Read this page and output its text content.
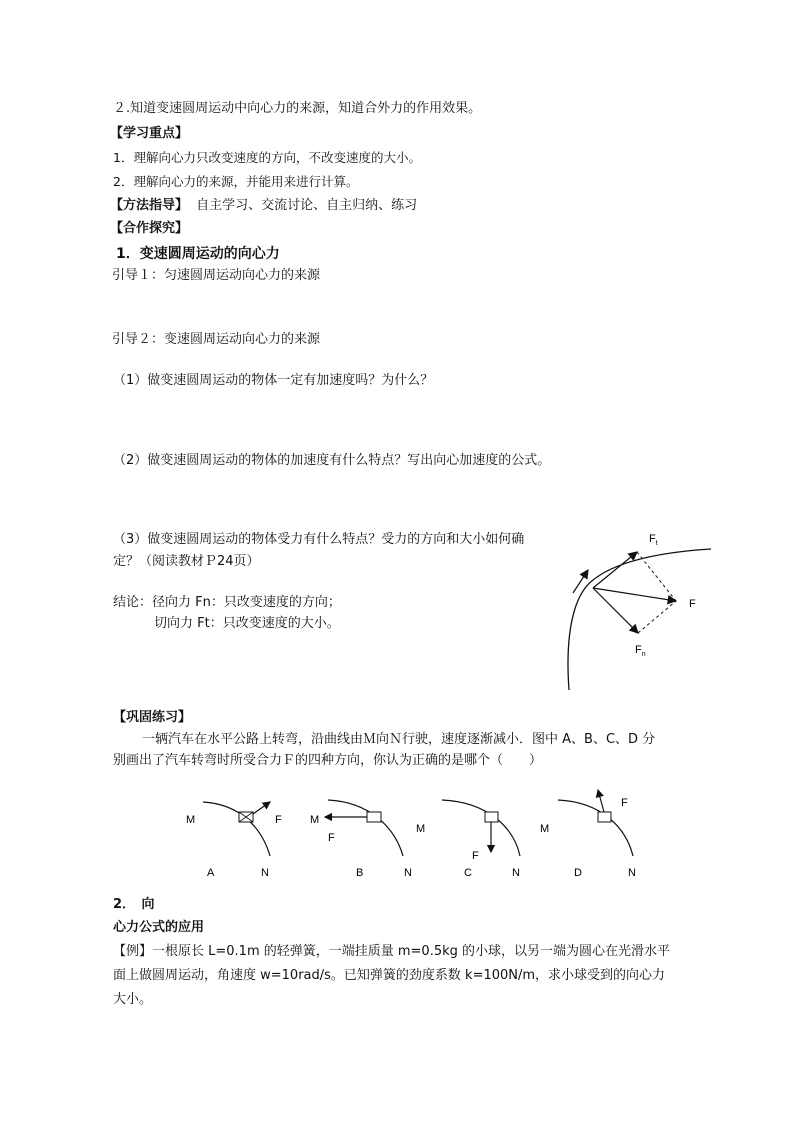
２.知道变速圆周运动中向心力的来源，知道合外力的作用效果。
【学习重点】
1．理解向心力只改变速度的方向，不改变速度的大小。
2．理解向心力的来源，并能用来进行计算。
【方法指导】 自主学习、交流讨论、自主归纳、练习
【合作探究】
1．变速圆周运动的向心力
引导１：匀速圆周运动向心力的来源
引导２：变速圆周运动向心力的来源
（1）做变速圆周运动的物体一定有加速度吗？为什么？
（2）做变速圆周运动的物体的加速度有什么特点？写出向心加速度的公式。
（3）做变速圆周运动的物体受力有什么特点？受力的方向和大小如何确
定？（阅读教材Ｐ24页）
结论：径向力 Fn：只改变速度的方向；
切向力 Ft：只改变速度的大小。
$F_t$
F
$F_n$
【巩固练习】
一辆汽车在水平公路上转弯，沿曲线由Ｍ向Ｎ行驶，速度逐渐减小．图中 A、B、C、D 分
别画出了汽车转弯时所受合力Ｆ的四种方向，你认为正确的是哪个（　　）
M	F
A	N
M
F
B	N
M
F
C	N
M
F
D	N
2．　向
心力公式的应用
【例】一根原长 L=0.1m 的轻弹簧，一端挂质量 m=0.5kg 的小球，以另一端为圆心在光滑水平
面上做圆周运动，角速度 w=10rad/s。已知弹簧的劲度系数 k=100N/m，求小球受到的向心力
大小。
